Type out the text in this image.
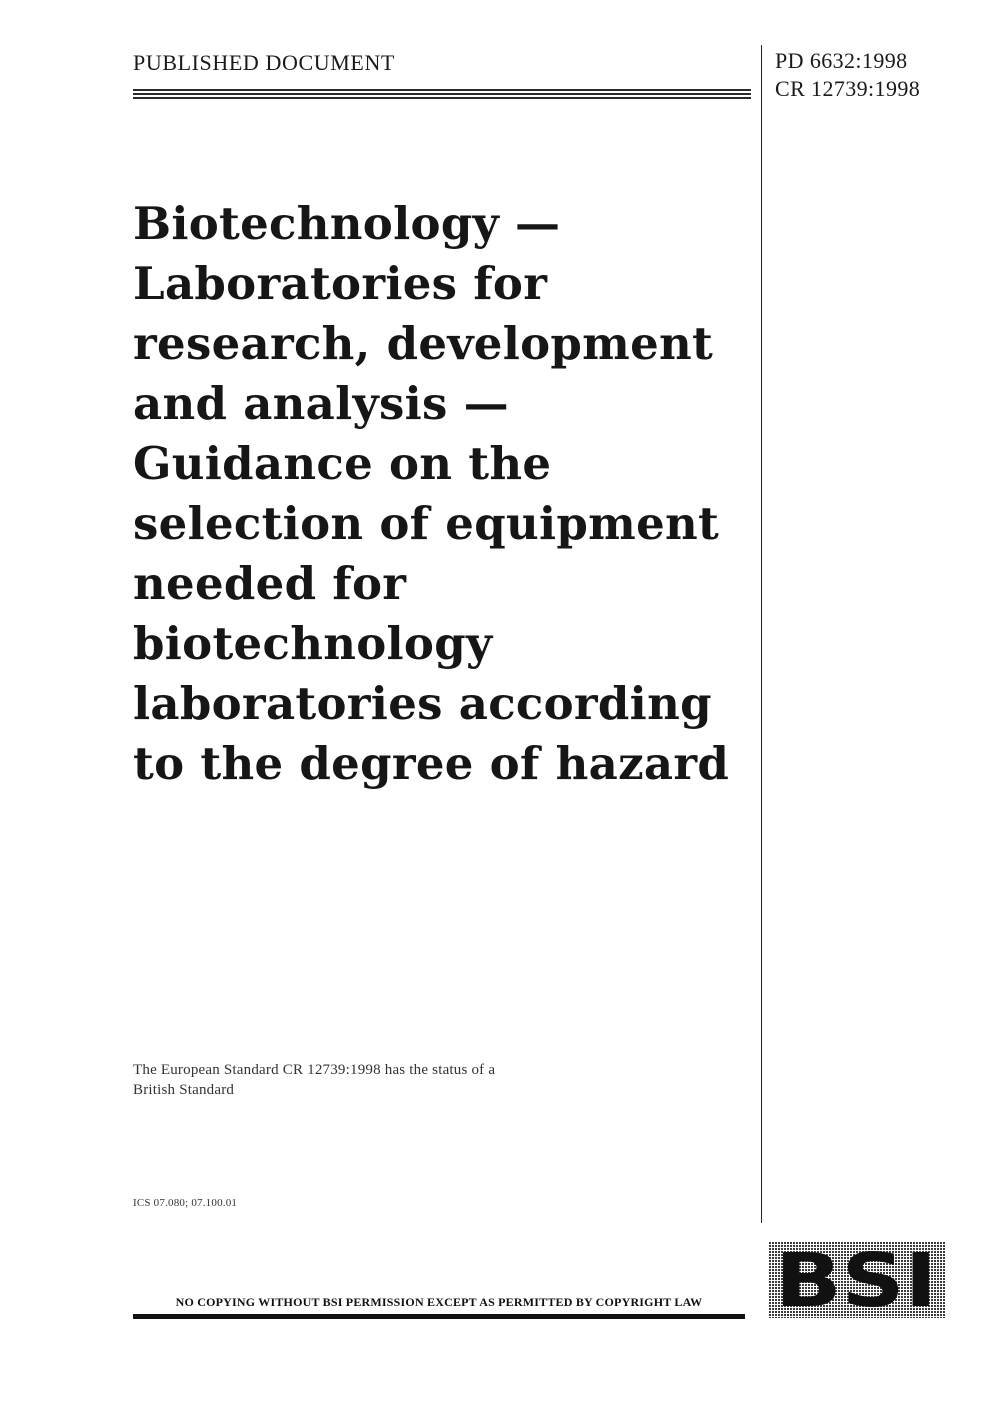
PUBLISHED DOCUMENT	PD 6632:1998
CR 12739:1998
Biotechnology —
Laboratories for
research, development
and analysis —
Guidance on the
selection of equipment
needed for
biotechnology
laboratories according
to the degree of hazard
The European Standard CR 12739:1998 has the status of a
British Standard
ICS 07.080; 07.100.01
NO COPYING WITHOUT BSI PERMISSION EXCEPT AS PERMITTED BY COPYRIGHT LAW BSI
